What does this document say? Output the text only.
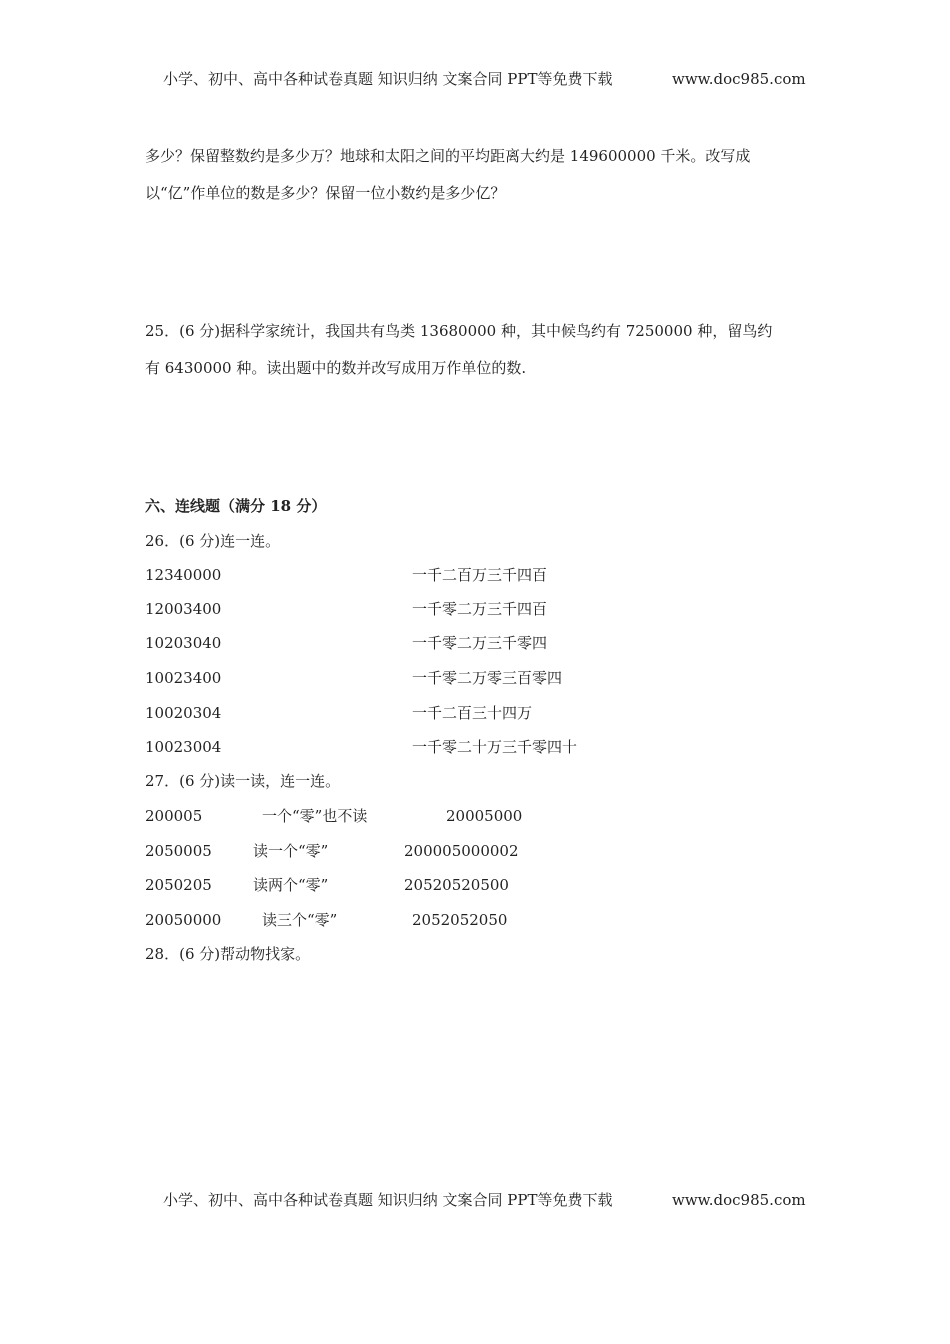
小学、初中、高中各种试卷真题 知识归纳 文案合同 PPT等免费下载	www.doc985.com
多少？保留整数约是多少万？地球和太阳之间的平均距离大约是 149600000 千米。改写成
以“亿”作单位的数是多少？保留一位小数约是多少亿？
25．(6 分)据科学家统计，我国共有鸟类 13680000 种，其中候鸟约有 7250000 种，留鸟约
有 6430000 种。读出题中的数并改写成用万作单位的数.
六、连线题（满分 18 分）
26．(6 分)连一连。
12340000	一千二百万三千四百
12003400	一千零二万三千四百
10203040	一千零二万三千零四
10023400	一千零二万零三百零四
10020304	一千二百三十四万
10023004	一千零二十万三千零四十
27．(6 分)读一读，连一连。
200005	一个“零”也不读	20005000
2050005	读一个“零”	200005000002
2050205	读两个“零”	20520520500
20050000	读三个“零”	2052052050
28．(6 分)帮动物找家。
小学、初中、高中各种试卷真题 知识归纳 文案合同 PPT等免费下载	www.doc985.com
